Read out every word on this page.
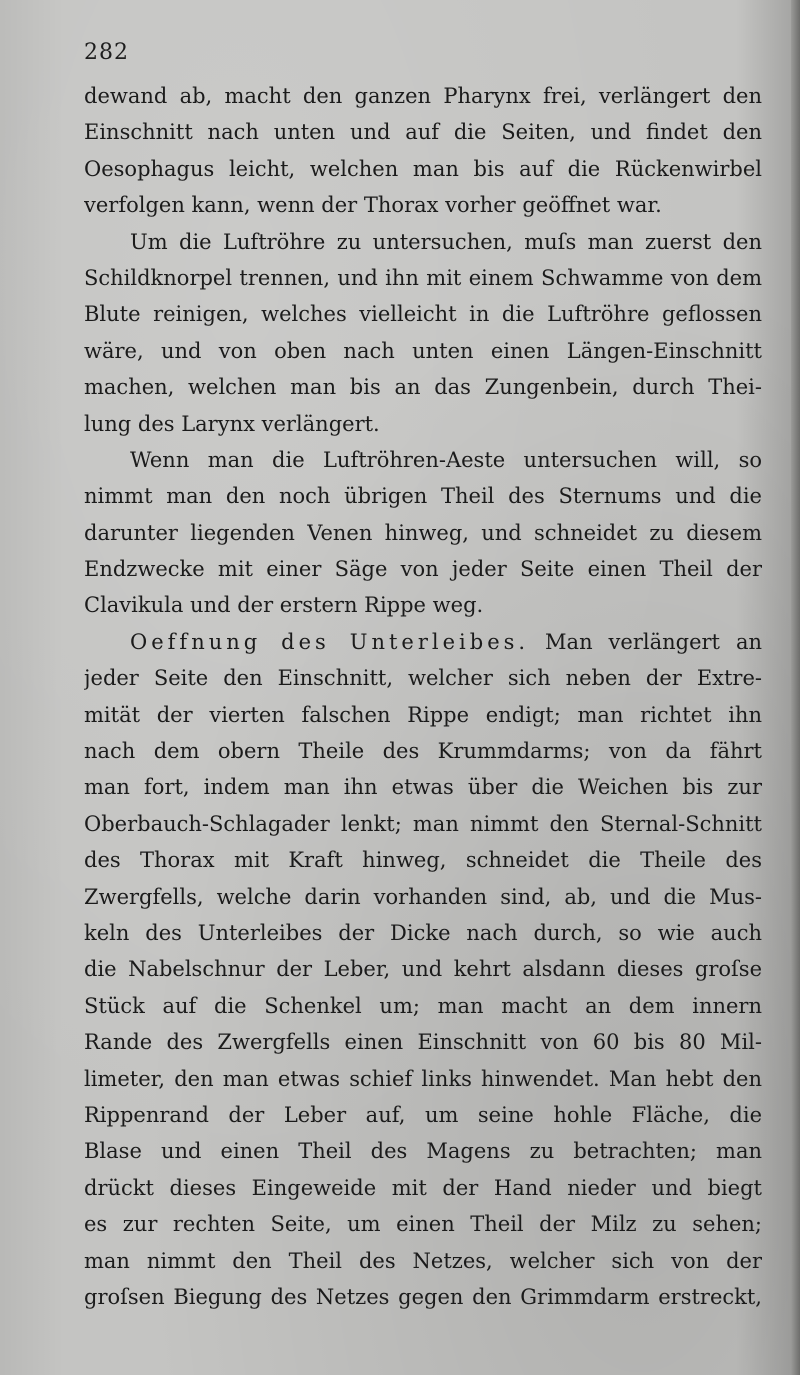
282
dewand ab, macht den ganzen Pharynx frei, verlängert den
Einschnitt nach unten und auf die Seiten, und findet den
Oesophagus leicht, welchen man bis auf die Rückenwirbel
verfolgen kann, wenn der Thorax vorher geöffnet war.
Um die Luftröhre zu untersuchen, muſs man zuerst den
Schildknorpel trennen, und ihn mit einem Schwamme von dem
Blute reinigen, welches vielleicht in die Luftröhre geflossen
wäre, und von oben nach unten einen Längen-Einschnitt
machen, welchen man bis an das Zungenbein, durch Thei-
lung des Larynx verlängert.
Wenn man die Luftröhren-Aeste untersuchen will, so
nimmt man den noch übrigen Theil des Sternums und die
darunter liegenden Venen hinweg, und schneidet zu diesem
Endzwecke mit einer Säge von jeder Seite einen Theil der
Clavikula und der erstern Rippe weg.
Oeffnung des Unterleibes. Man verlängert an
jeder Seite den Einschnitt, welcher sich neben der Extre-
mität der vierten falschen Rippe endigt; man richtet ihn
nach dem obern Theile des Krummdarms; von da fährt
man fort, indem man ihn etwas über die Weichen bis zur
Oberbauch-Schlagader lenkt; man nimmt den Sternal-Schnitt
des Thorax mit Kraft hinweg, schneidet die Theile des
Zwergfells, welche darin vorhanden sind, ab, und die Mus-
keln des Unterleibes der Dicke nach durch, so wie auch
die Nabelschnur der Leber, und kehrt alsdann dieses groſse
Stück auf die Schenkel um; man macht an dem innern
Rande des Zwergfells einen Einschnitt von 60 bis 80 Mil-
limeter, den man etwas schief links hinwendet. Man hebt den
Rippenrand der Leber auf, um seine hohle Fläche, die
Blase und einen Theil des Magens zu betrachten; man
drückt dieses Eingeweide mit der Hand nieder und biegt
es zur rechten Seite, um einen Theil der Milz zu sehen;
man nimmt den Theil des Netzes, welcher sich von der
groſsen Biegung des Netzes gegen den Grimmdarm erstreckt,
